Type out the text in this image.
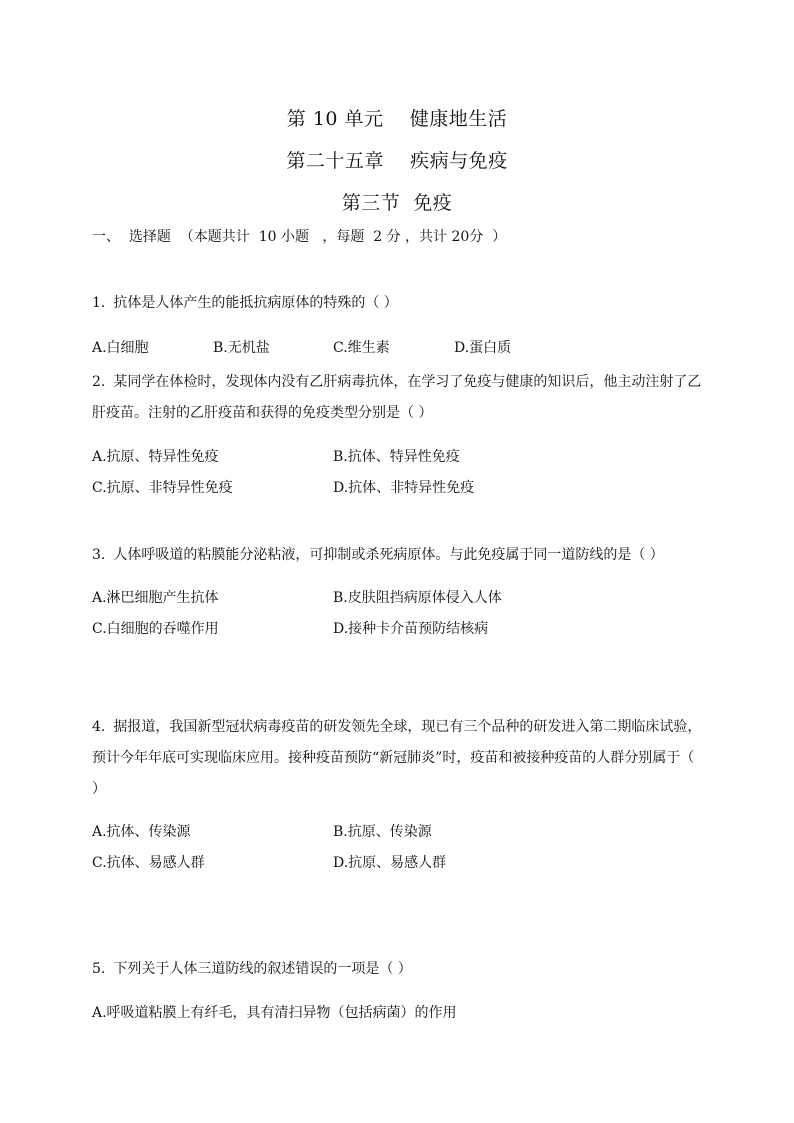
第 10 单元    健康地生活
第二十五章    疾病与免疫
第三节  免疫
一、  选择题  （本题共计  10 小题   ，每题  2 分 ，共计 20分  ）
1. 抗体是人体产生的能抵抗病原体的特殊的（ ）
A.白细胞	B.无机盐	C.维生素	D.蛋白质
2. 某同学在体检时，发现体内没有乙肝病毒抗体，在学习了免疫与健康的知识后，他主动注射了乙肝疫苗。注射的乙肝疫苗和获得的免疫类型分别是（ ）
A.抗原、特异性免疫	B.抗体、特异性免疫
C.抗原、非特异性免疫	D.抗体、非特异性免疫
3. 人体呼吸道的粘膜能分泌粘液，可抑制或杀死病原体。与此免疫属于同一道防线的是（ ）
A.淋巴细胞产生抗体	B.皮肤阻挡病原体侵入人体
C.白细胞的吞噬作用	D.接种卡介苗预防结核病
4. 据报道，我国新型冠状病毒疫苗的研发领先全球，现已有三个品种的研发进入第二期临床试验，预计今年年底可实现临床应用。接种疫苗预防“新冠肺炎”时，疫苗和被接种疫苗的人群分别属于（ ）
A.抗体、传染源	B.抗原、传染源
C.抗体、易感人群	D.抗原、易感人群
5. 下列关于人体三道防线的叙述错误的一项是（ ）
A.呼吸道粘膜上有纤毛，具有清扫异物（包括病菌）的作用
